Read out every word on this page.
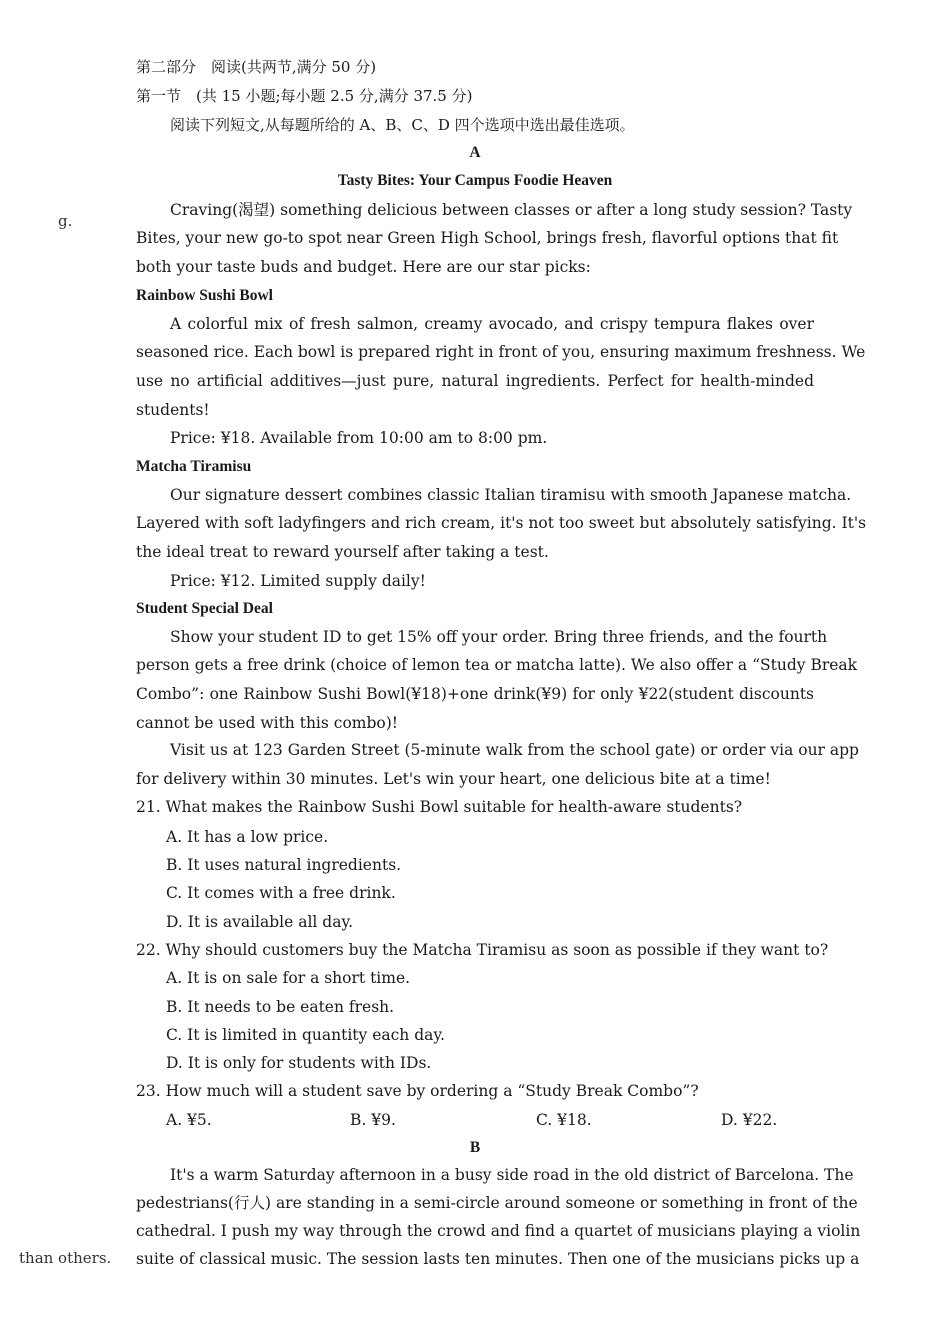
g.
than others.
第二部分　阅读(共两节,满分 50 分)
第一节　(共 15 小题;每小题 2.5 分,满分 37.5 分)
阅读下列短文,从每题所给的 A、B、C、D 四个选项中选出最佳选项。
A
Tasty Bites: Your Campus Foodie Heaven
Craving(渴望) something delicious between classes or after a long study session? Tasty
Bites, your new go-to spot near Green High School, brings fresh, flavorful options that fit
both your taste buds and budget. Here are our star picks:
Rainbow Sushi Bowl
A colorful mix of fresh salmon, creamy avocado, and crispy tempura flakes over
seasoned rice. Each bowl is prepared right in front of you, ensuring maximum freshness. We
use no artificial additives—just pure, natural ingredients. Perfect for health-minded
students!
Price: ¥18. Available from 10:00 am to 8:00 pm.
Matcha Tiramisu
Our signature dessert combines classic Italian tiramisu with smooth Japanese matcha.
Layered with soft ladyfingers and rich cream, it's not too sweet but absolutely satisfying. It's
the ideal treat to reward yourself after taking a test.
Price: ¥12. Limited supply daily!
Student Special Deal
Show your student ID to get 15% off your order. Bring three friends, and the fourth
person gets a free drink (choice of lemon tea or matcha latte). We also offer a “Study Break
Combo”: one Rainbow Sushi Bowl(¥18)+one drink(¥9) for only ¥22(student discounts
cannot be used with this combo)!
Visit us at 123 Garden Street (5-minute walk from the school gate) or order via our app
for delivery within 30 minutes. Let's win your heart, one delicious bite at a time!
21. What makes the Rainbow Sushi Bowl suitable for health-aware students?
A. It has a low price.
B. It uses natural ingredients.
C. It comes with a free drink.
D. It is available all day.
22. Why should customers buy the Matcha Tiramisu as soon as possible if they want to?
A. It is on sale for a short time.
B. It needs to be eaten fresh.
C. It is limited in quantity each day.
D. It is only for students with IDs.
23. How much will a student save by ordering a “Study Break Combo”?
A. ¥5.	B. ¥9.	C. ¥18.	D. ¥22.
B
It's a warm Saturday afternoon in a busy side road in the old district of Barcelona. The
pedestrians(行人) are standing in a semi-circle around someone or something in front of the
cathedral. I push my way through the crowd and find a quartet of musicians playing a violin
suite of classical music. The session lasts ten minutes. Then one of the musicians picks up a
